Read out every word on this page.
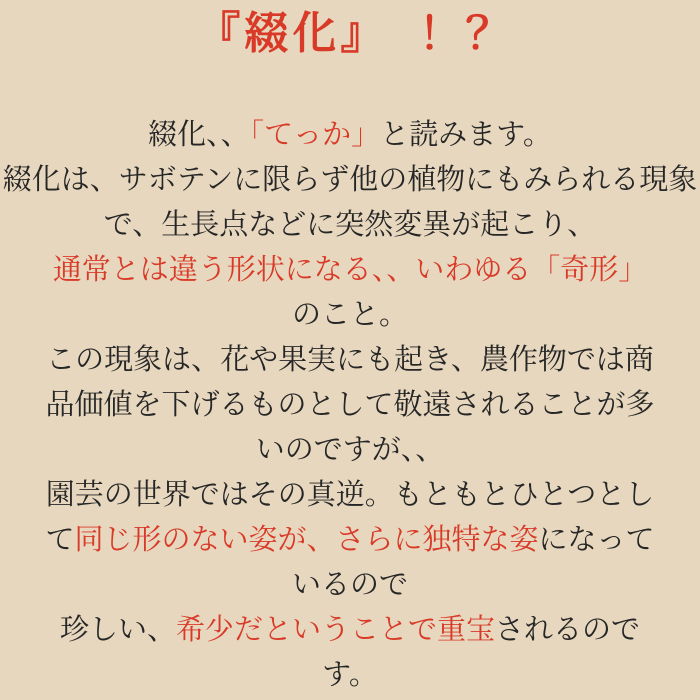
『綴化』 ！？
綴化、、「てっか」と読みます。
綴化は、サボテンに限らず他の植物にもみられる現象
で、生長点などに突然変異が起こり、
通常とは違う形状になる、、いわゆる「奇形」
のこと。
この現象は、花や果実にも起き、農作物では商
品価値を下げるものとして敬遠されることが多
いのですが、、
園芸の世界ではその真逆。もともとひとつとし
て同じ形のない姿が、さらに独特な姿になって
いるので
珍しい、希少だということで重宝されるので
す。
